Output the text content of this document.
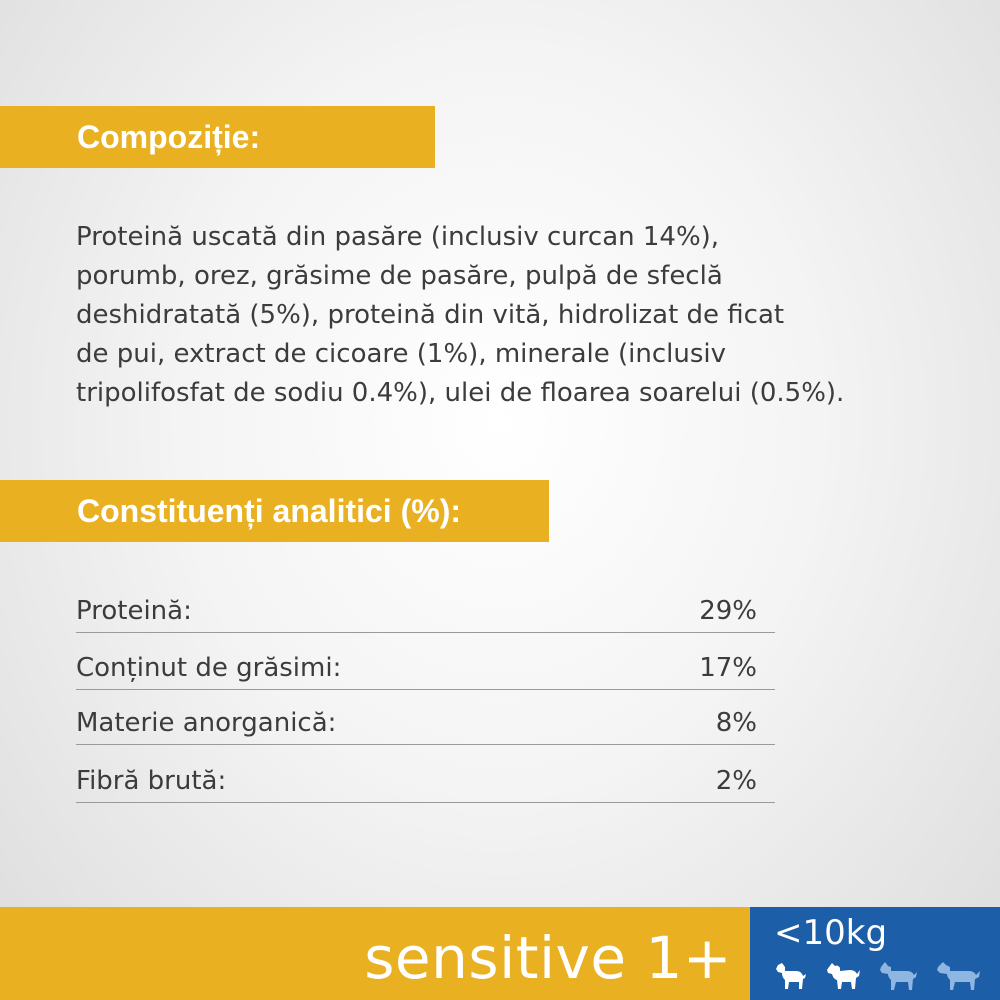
Compoziție:
Proteină uscată din pasăre (inclusiv curcan 14%),
porumb, orez, grăsime de pasăre, pulpă de sfeclă
deshidratată (5%), proteină din vită, hidrolizat de ficat
de pui, extract de cicoare (1%), minerale (inclusiv
tripolifosfat de sodiu 0.4%), ulei de floarea soarelui (0.5%).
Constituenți analitici (%):
Proteină:	29%
Conținut de grăsimi:	17%
Materie anorganică:	8%
Fibră brută:	2%
sensitive 1+ <10kg
